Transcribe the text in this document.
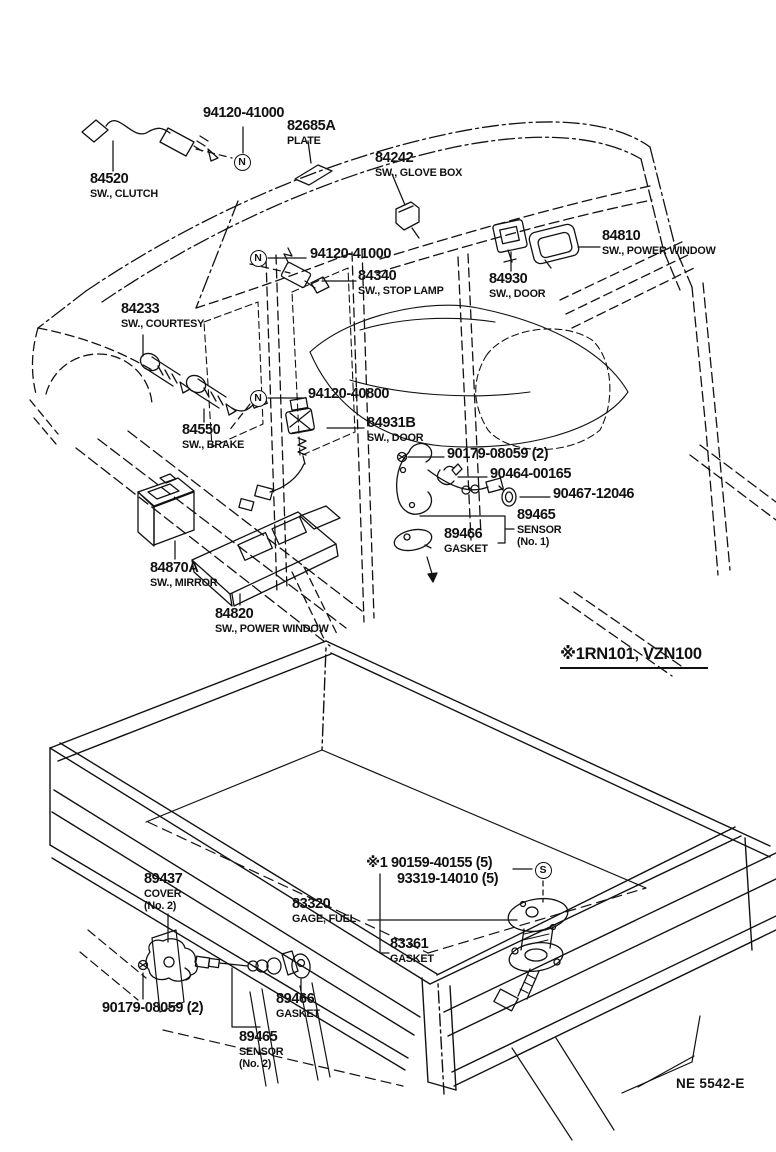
94120-41000
82685A
PLATE
84242
SW., GLOVE BOX
84520
SW., CLUTCH
84810
SW., POWER WINDOW
94120-41000
84340
SW., STOP LAMP
84930
SW., DOOR
84233
SW., COURTESY
94120-40800
84931B
SW., DOOR
84550
SW., BRAKE
90179-08059 (2)
90464-00165
90467-12046
89465
SENSOR
(No. 1)
89466
GASKET
84870A
SW., MIRROR
84820
SW., POWER WINDOW
※1 90159-40155 (5)
93319-14010 (5)
83320
GAGE, FUEL
83361
GASKET
89437
COVER
(No. 2)
90179-08059 (2)
89466
GASKET
89465
SENSOR
(No. 2)
N
N
N
S
※1RN101, VZN100
NE 5542-E
